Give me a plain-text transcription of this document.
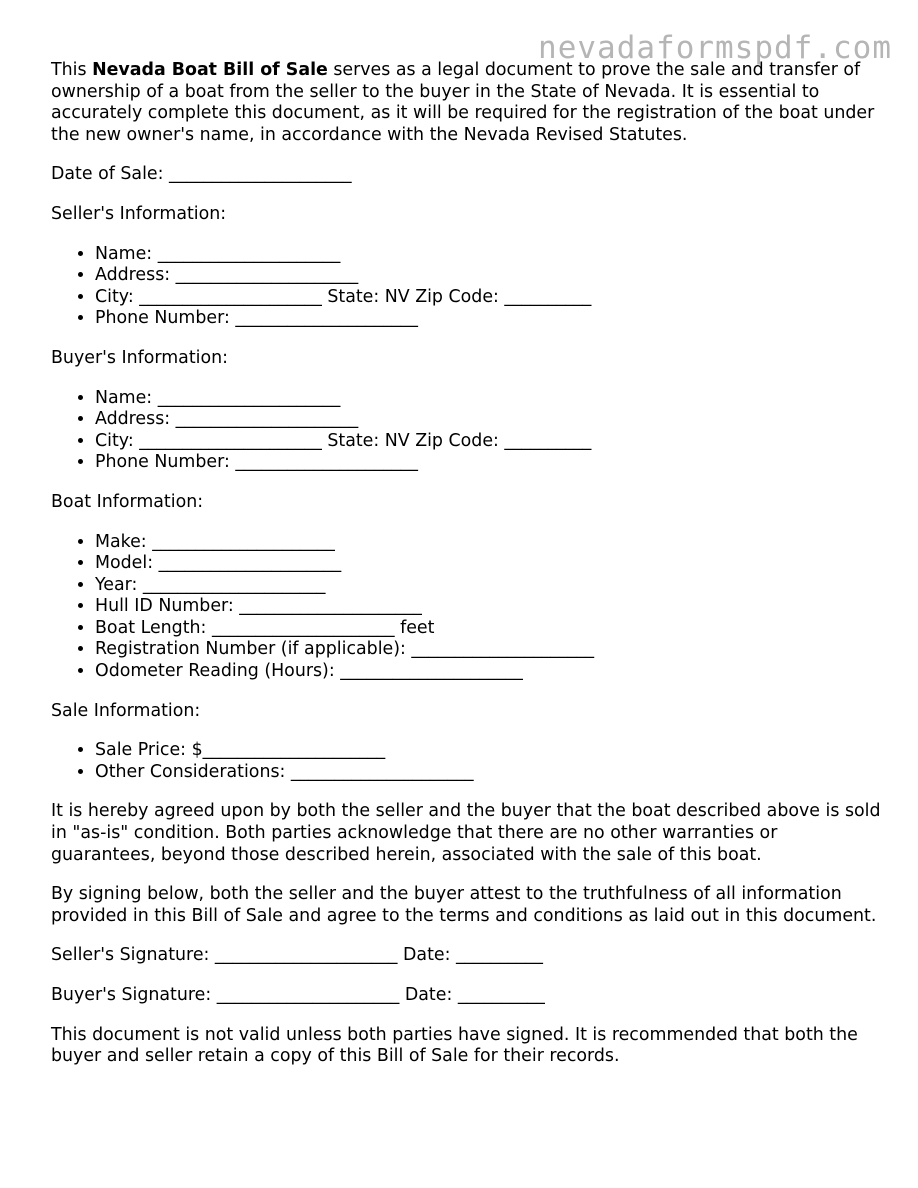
nevadaformspdf.com

This Nevada Boat Bill of Sale serves as a legal document to prove the sale and transfer of ownership of a boat from the seller to the buyer in the State of Nevada. It is essential to accurately complete this document, as it will be required for the registration of the boat under the new owner's name, in accordance with the Nevada Revised Statutes.

Date of Sale: _____________________

Seller's Information:

• Name: _____________________
• Address: _____________________
• City: _____________________ State: NV Zip Code: __________
• Phone Number: _____________________

Buyer's Information:

• Name: _____________________
• Address: _____________________
• City: _____________________ State: NV Zip Code: __________
• Phone Number: _____________________

Boat Information:

• Make: _____________________
• Model: _____________________
• Year: _____________________
• Hull ID Number: _____________________
• Boat Length: _____________________ feet
• Registration Number (if applicable): _____________________
• Odometer Reading (Hours): _____________________

Sale Information:

• Sale Price: $_____________________
• Other Considerations: _____________________

It is hereby agreed upon by both the seller and the buyer that the boat described above is sold in "as-is" condition. Both parties acknowledge that there are no other warranties or guarantees, beyond those described herein, associated with the sale of this boat.

By signing below, both the seller and the buyer attest to the truthfulness of all information provided in this Bill of Sale and agree to the terms and conditions as laid out in this document.

Seller's Signature: _____________________ Date: __________

Buyer's Signature: _____________________ Date: __________

This document is not valid unless both parties have signed. It is recommended that both the buyer and seller retain a copy of this Bill of Sale for their records.
